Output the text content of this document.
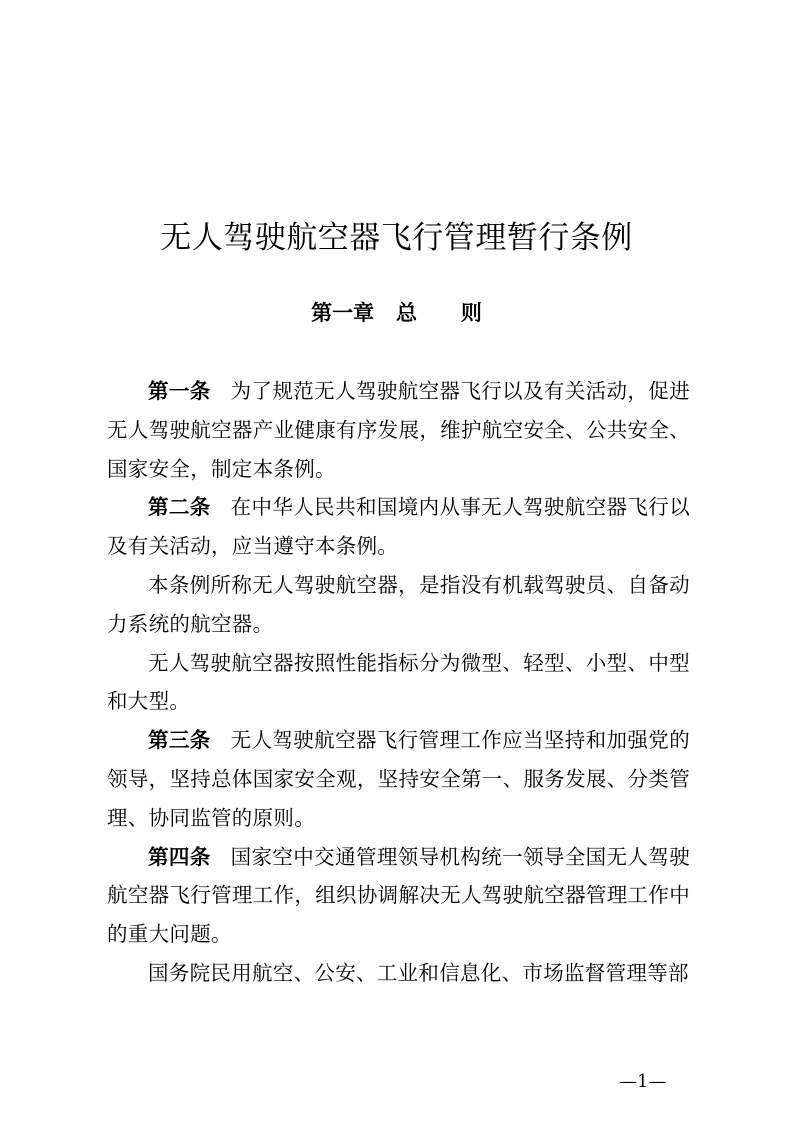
无人驾驶航空器飞行管理暂行条例
第一章   总      则

第一条 为了规范无人驾驶航空器飞行以及有关活动，促进无人驾驶航空器产业健康有序发展，维护航空安全、公共安全、国家安全，制定本条例。

第二条 在中华人民共和国境内从事无人驾驶航空器飞行以及有关活动，应当遵守本条例。

本条例所称无人驾驶航空器，是指没有机载驾驶员、自备动力系统的航空器。

无人驾驶航空器按照性能指标分为微型、轻型、小型、中型和大型。

第三条 无人驾驶航空器飞行管理工作应当坚持和加强党的领导，坚持总体国家安全观，坚持安全第一、服务发展、分类管理、协同监管的原则。

第四条 国家空中交通管理领导机构统一领导全国无人驾驶航空器飞行管理工作，组织协调解决无人驾驶航空器管理工作中的重大问题。

国务院民用航空、公安、工业和信息化、市场监督管理等部

—1—
